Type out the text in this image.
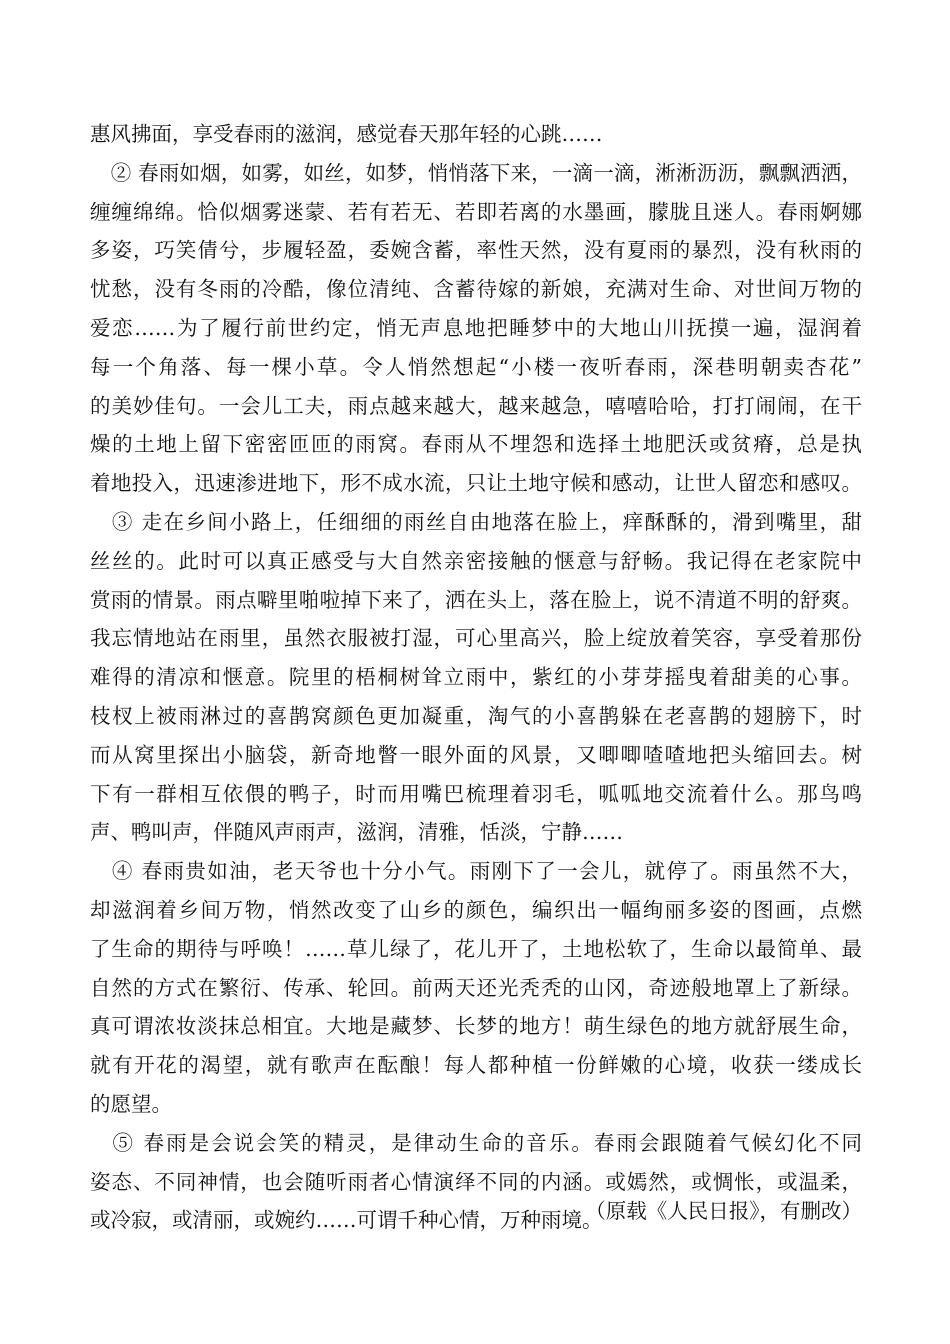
惠风拂面，享受春雨的滋润，感觉春天那年轻的心跳……
　② 春雨如烟，如雾，如丝，如梦，悄悄落下来，一滴一滴，淅淅沥沥，飘飘洒洒，
缠缠绵绵。恰似烟雾迷蒙、若有若无、若即若离的水墨画，朦胧且迷人。春雨婀娜
多姿，巧笑倩兮，步履轻盈，委婉含蓄，率性天然，没有夏雨的暴烈，没有秋雨的
忧愁，没有冬雨的冷酷，像位清纯、含蓄待嫁的新娘，充满对生命、对世间万物的
爱恋……为了履行前世约定，悄无声息地把睡梦中的大地山川抚摸一遍，湿润着
每一个角落、每一棵小草。令人悄然想起“小楼一夜听春雨，深巷明朝卖杏花”
的美妙佳句。一会儿工夫，雨点越来越大，越来越急，嘻嘻哈哈，打打闹闹，在干
燥的土地上留下密密匝匝的雨窝。春雨从不埋怨和选择土地肥沃或贫瘠，总是执
着地投入，迅速渗进地下，形不成水流，只让土地守候和感动，让世人留恋和感叹。
　③ 走在乡间小路上，任细细的雨丝自由地落在脸上，痒酥酥的，滑到嘴里，甜
丝丝的。此时可以真正感受与大自然亲密接触的惬意与舒畅。我记得在老家院中
赏雨的情景。雨点噼里啪啦掉下来了，洒在头上，落在脸上，说不清道不明的舒爽。
我忘情地站在雨里，虽然衣服被打湿，可心里高兴，脸上绽放着笑容，享受着那份
难得的清凉和惬意。院里的梧桐树耸立雨中，紫红的小芽芽摇曳着甜美的心事。
枝杈上被雨淋过的喜鹊窝颜色更加凝重，淘气的小喜鹊躲在老喜鹊的翅膀下，时
而从窝里探出小脑袋，新奇地瞥一眼外面的风景，又唧唧喳喳地把头缩回去。树
下有一群相互依偎的鸭子，时而用嘴巴梳理着羽毛，呱呱地交流着什么。那鸟鸣
声、鸭叫声，伴随风声雨声，滋润，清雅，恬淡，宁静……
　④ 春雨贵如油，老天爷也十分小气。雨刚下了一会儿，就停了。雨虽然不大，
却滋润着乡间万物，悄然改变了山乡的颜色，编织出一幅绚丽多姿的图画，点燃
了生命的期待与呼唤！……草儿绿了，花儿开了，土地松软了，生命以最简单、最
自然的方式在繁衍、传承、轮回。前两天还光秃秃的山冈，奇迹般地罩上了新绿。
真可谓浓妆淡抹总相宜。大地是藏梦、长梦的地方！萌生绿色的地方就舒展生命，
就有开花的渴望，就有歌声在酝酿！每人都种植一份鲜嫩的心境，收获一缕成长
的愿望。
　⑤ 春雨是会说会笑的精灵，是律动生命的音乐。春雨会跟随着气候幻化不同
姿态、不同神情，也会随听雨者心情演绎不同的内涵。或嫣然，或惆怅，或温柔，
或冷寂，或清丽，或婉约……可谓千种心情，万种雨境。
（原载《人民日报》，有删改）
